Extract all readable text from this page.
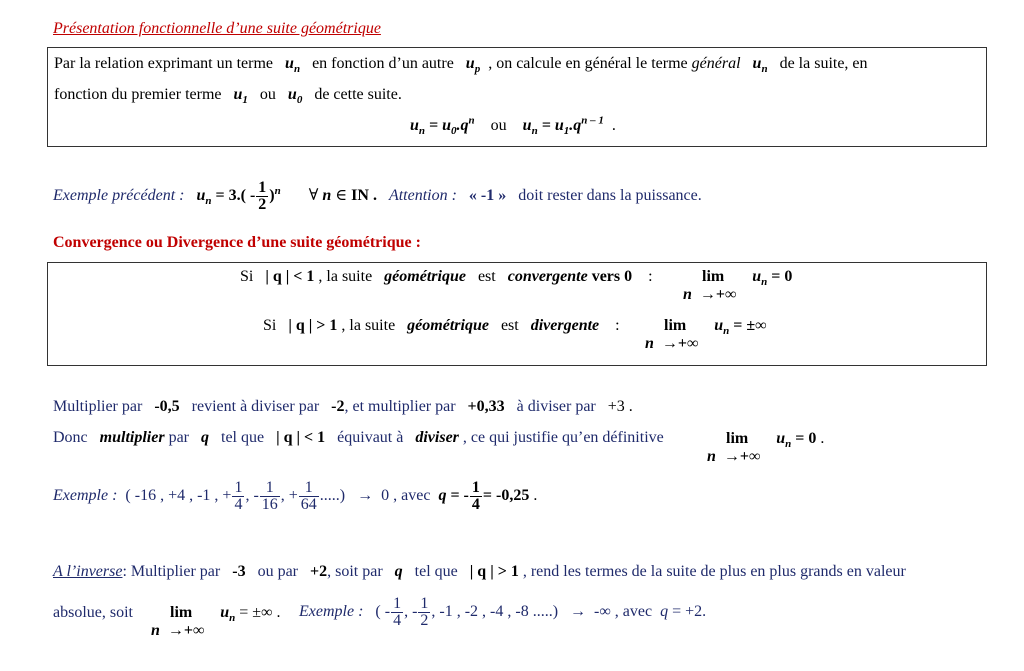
Présentation fonctionnelle d’une suite géométrique
Par la relation exprimant un terme $u_n$ en fonction d’un autre $u_p$ , on calcule en général le terme général $u_n$ de la suite, en
fonction du premier terme $u_1$ ou $u_0$ de cette suite.
$u_n = u_0.q^n$ ou $u_n = u_1.q^{n - 1}$ .
Exemple précédent : $u_n = 3.( - \frac{1}{2} )^n$ ∀ n ∈ IN . Attention : « -1 » doit rester dans la puissance.
Convergence ou Divergence d’une suite géométrique :
Si | q | < 1 , la suite géométrique est convergente vers 0 :	$\lim u_n = 0$
n →+∞
Si | q | > 1 , la suite géométrique est divergente :	$\lim u_n$ = ±∞
n →+∞
Multiplier par -0,5 revient à diviser par -2, et multiplier par +0,33 à diviser par +3 .
Donc multiplier par q tel que | q | < 1 équivaut à diviser , ce qui justifie qu’en définitive	$\lim u_n = 0$ .
n →+∞
Exemple : ( -16 , +4 , -1 , + $\frac{1}{4}$ , - $\frac{1}{16}$ , + $\frac{1}{64}$ .....) → 0 , avec q = - $\frac{1}{4} = -0,25$ .
A l’inverse: Multiplier par -3 ou par +2, soit par q tel que | q | > 1 , rend les termes de la suite de plus en plus grands en valeur
absolue, soit $\lim u_n$ = ±∞ .
n →+∞
Exemple : ( - $\frac{1}{4}$ , - $\frac{1}{2}$ , -1 , -2 , -4 , -8 .....) → -∞ , avec q = +2.
